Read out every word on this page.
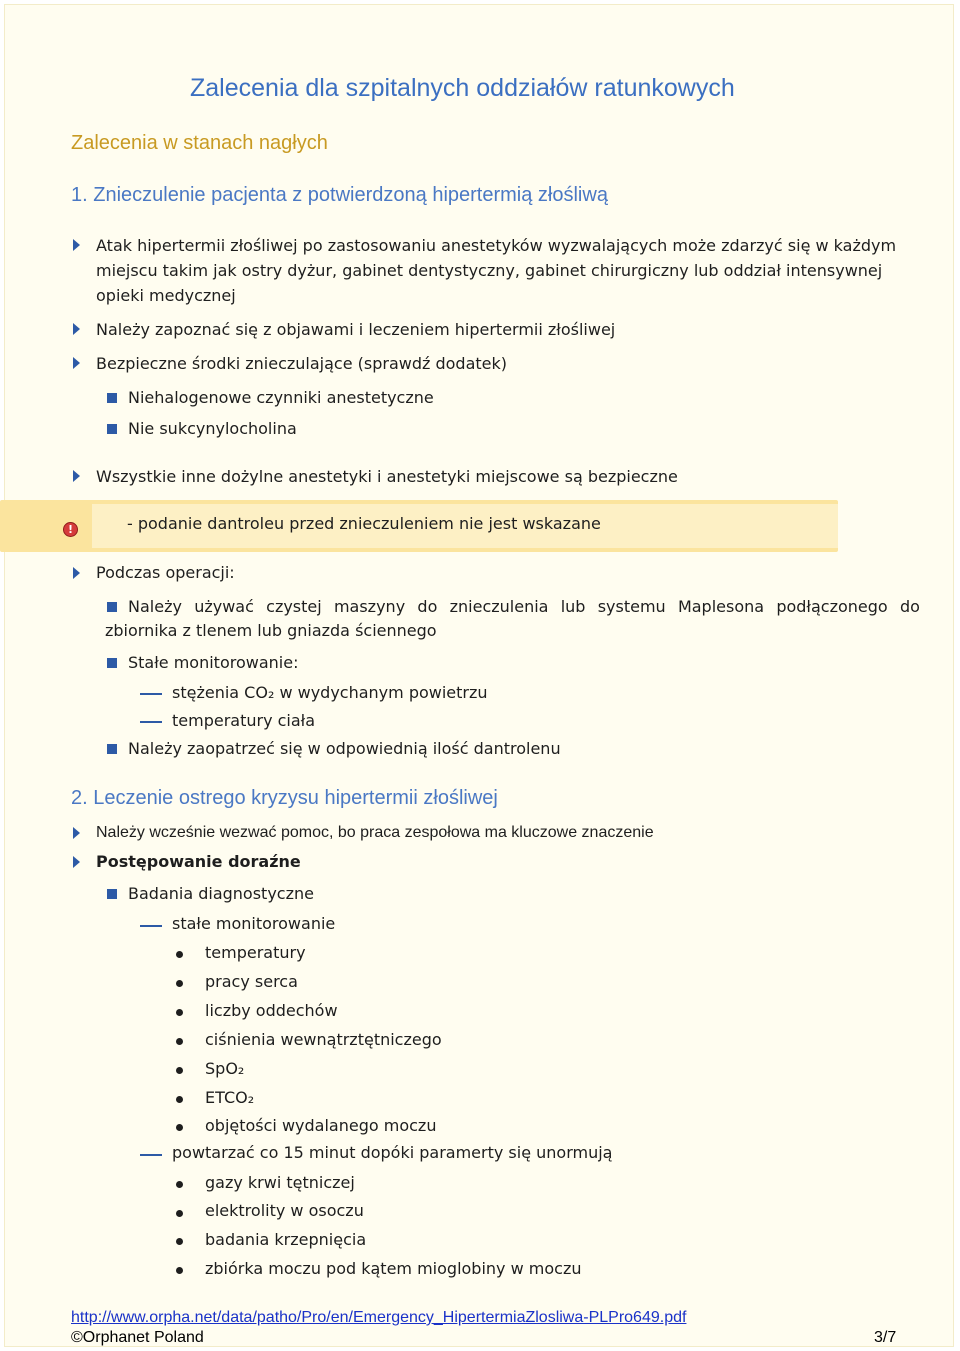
Zalecenia dla szpitalnych oddziałów ratunkowych
Zalecenia w stanach nagłych
1. Znieczulenie pacjenta z potwierdzoną hipertermią złośliwą
Atak hipertermii złośliwej po zastosowaniu anestetyków wyzwalających może zdarzyć się w każdym
miejscu takim jak ostry dyżur, gabinet dentystyczny, gabinet chirurgiczny lub oddział intensywnej
opieki medycznej
Należy zapoznać się z objawami i leczeniem hipertermii złośliwej
Bezpieczne środki znieczulające (sprawdź dodatek)
Niehalogenowe czynniki anestetyczne
Nie sukcynylocholina
Wszystkie inne dożylne anestetyki i anestetyki miejscowe są bezpieczne
!	- podanie dantroleu przed znieczuleniem nie jest wskazane
Podczas operacji:
Należy używać czystej maszyny do znieczulenia lub systemu Maplesona podłączonego do
zbiornika z tlenem lub gniazda ściennego
Stałe monitorowanie:
stężenia CO₂ w wydychanym powietrzu
temperatury ciała
Należy zaopatrzeć się w odpowiednią ilość dantrolenu
2. Leczenie ostrego kryzysu hipertermii złośliwej
Należy wcześnie wezwać pomoc, bo praca zespołowa ma kluczowe znaczenie
Postępowanie doraźne
Badania diagnostyczne
stałe monitorowanie
temperatury
pracy serca
liczby oddechów
ciśnienia wewnątrztętniczego
SpO₂
ETCO₂
objętości wydalanego moczu
powtarzać co 15 minut dopóki paramerty się unormują
gazy krwi tętniczej
elektrolity w osoczu
badania krzepnięcia
zbiórka moczu pod kątem mioglobiny w moczu
http://www.orpha.net/data/patho/Pro/en/Emergency_HipertermiaZlosliwa-PLPro649.pdf
©Orphanet Poland	3/7
